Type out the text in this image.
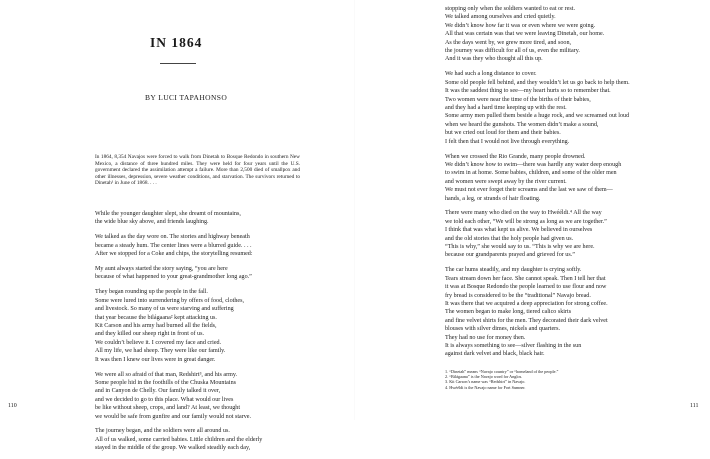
IN 1864

BY LUCI TAPAHONSO

In 1864, 8,354 Navajos were forced to walk from Dinetah to Bosque Redondo in southern New Mexico, a distance of three hundred miles. They were held for four years until the U.S. government declared the assimilation attempt a failure. More than 2,500 died of smallpox and other illnesses, depression, severe weather conditions, and starvation. The survivors returned to Dinetah¹ in June of 1868. . . .

While the younger daughter slept, she dreamt of mountains,
the wide blue sky above, and friends laughing.

We talked as the day wore on. The stories and highway beneath
became a steady hum. The center lines were a blurred guide. . . .
After we stopped for a Coke and chips, the storytelling resumed:

My aunt always started the story saying, “you are here
because of what happened to your great-grandmother long ago.”

They began rounding up the people in the fall.
Some were lured into surrendering by offers of food, clothes,
and livestock. So many of us were starving and suffering
that year because the bilágaana² kept attacking us.
Kit Carson and his army had burned all the fields,
and they killed our sheep right in front of us.
We couldn’t believe it. I covered my face and cried.
All my life, we had sheep. They were like our family.
It was then I knew our lives were in great danger.

We were all so afraid of that man, Redshirt³, and his army.
Some people hid in the foothills of the Chuska Mountains
and in Canyon de Chelly. Our family talked it over,
and we decided to go to this place. What would our lives
be like without sheep, crops, and land? At least, we thought
we would be safe from gunfire and our family would not starve.

The journey began, and the soldiers were all around us.
All of us walked, some carried babies. Little children and the elderly
stayed in the middle of the group. We walked steadily each day,

110

stopping only when the soldiers wanted to eat or rest.
We talked among ourselves and cried quietly.
We didn’t know how far it was or even where we were going.
All that was certain was that we were leaving Dinetah, our home.
As the days went by, we grew more tired, and soon,
the journey was difficult for all of us, even the military.
And it was they who thought all this up.

We had such a long distance to cover.
Some old people fell behind, and they wouldn’t let us go back to help them.
It was the saddest thing to see—my heart hurts so to remember that.
Two women were near the time of the births of their babies,
and they had a hard time keeping up with the rest.
Some army men pulled them beside a huge rock, and we screamed out loud
when we heard the gunshots. The women didn’t make a sound,
but we cried out loud for them and their babies.
I felt then that I would not live through everything.

When we crossed the Rio Grande, many people drowned.
We didn’t know how to swim—there was hardly any water deep enough
to swim in at home. Some babies, children, and some of the older men
and women were swept away by the river current.
We must not ever forget their screams and the last we saw of them—
hands, a leg, or strands of hair floating.

There were many who died on the way to Hwééldi.⁴ All the way
we told each other, “We will be strong as long as we are together.”
I think that was what kept us alive. We believed in ourselves
and the old stories that the holy people had given us.
“This is why,” she would say to us. “This is why we are here.
because our grandparents prayed and grieved for us.”

The car hums steadily, and my daughter is crying softly.
Tears stream down her face. She cannot speak. Then I tell her that
it was at Bosque Redondo the people learned to use flour and now
fry bread is considered to be the “traditional” Navajo bread.
It was there that we acquired a deep appreciation for strong coffee.
The women began to make long, tiered calico skirts
and fine velvet shirts for the men. They decorated their dark velvet
blouses with silver dimes, nickels and quarters.
They had no use for money then.
It is always something to see—silver flashing in the sun
against dark velvet and black, black hair.

1. “Dinetah” means “Navajo country” or “homeland of the people.”
2. “Bilágaana” is the Navajo word for Anglos.
3. Kit Carson’s name was “Redshirt” in Navajo.
4. Hwééldi is the Navajo name for Fort Sumner.
111
